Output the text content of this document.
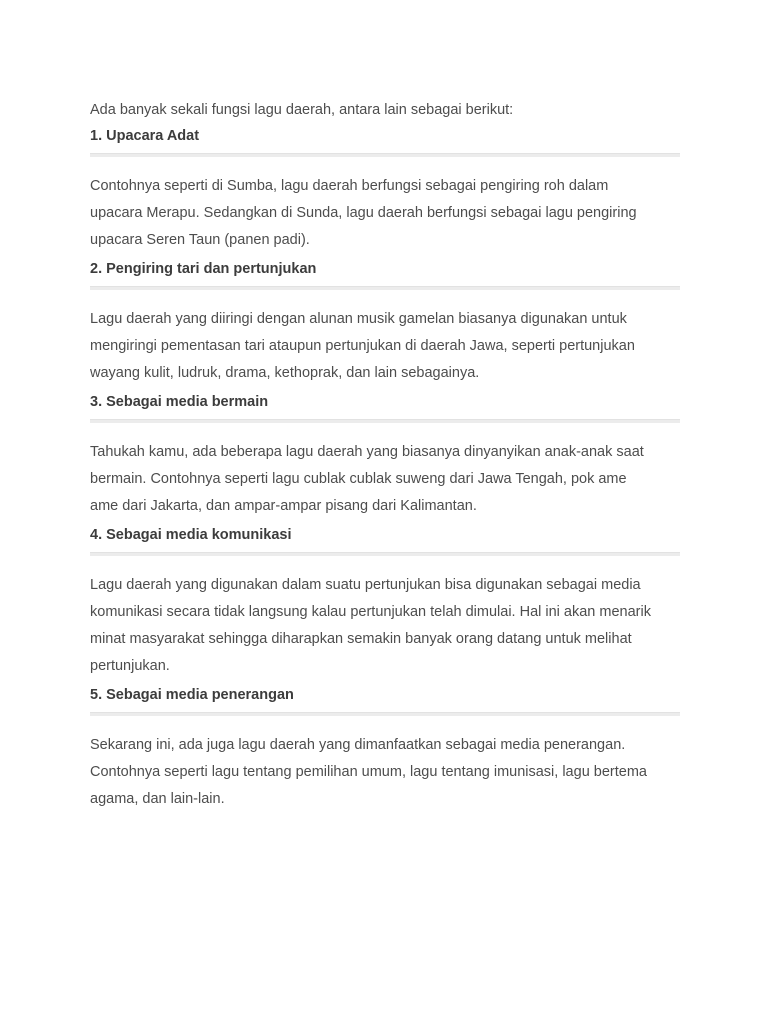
Ada banyak sekali fungsi lagu daerah, antara lain sebagai berikut:

1. Upacara Adat

Contohnya seperti di Sumba, lagu daerah berfungsi sebagai pengiring roh dalam
upacara Merapu. Sedangkan di Sunda, lagu daerah berfungsi sebagai lagu pengiring
upacara Seren Taun (panen padi).

2. Pengiring tari dan pertunjukan

Lagu daerah yang diiringi dengan alunan musik gamelan biasanya digunakan untuk
mengiringi pementasan tari ataupun pertunjukan di daerah Jawa, seperti pertunjukan
wayang kulit, ludruk, drama, kethoprak, dan lain sebagainya.

3. Sebagai media bermain

Tahukah kamu, ada beberapa lagu daerah yang biasanya dinyanyikan anak-anak saat
bermain. Contohnya seperti lagu cublak cublak suweng dari Jawa Tengah, pok ame
ame dari Jakarta, dan ampar-ampar pisang dari Kalimantan.

4. Sebagai media komunikasi

Lagu daerah yang digunakan dalam suatu pertunjukan bisa digunakan sebagai media
komunikasi secara tidak langsung kalau pertunjukan telah dimulai. Hal ini akan menarik
minat masyarakat sehingga diharapkan semakin banyak orang datang untuk melihat
pertunjukan.

5. Sebagai media penerangan

Sekarang ini, ada juga lagu daerah yang dimanfaatkan sebagai media penerangan.
Contohnya seperti lagu tentang pemilihan umum, lagu tentang imunisasi, lagu bertema
agama, dan lain-lain.
